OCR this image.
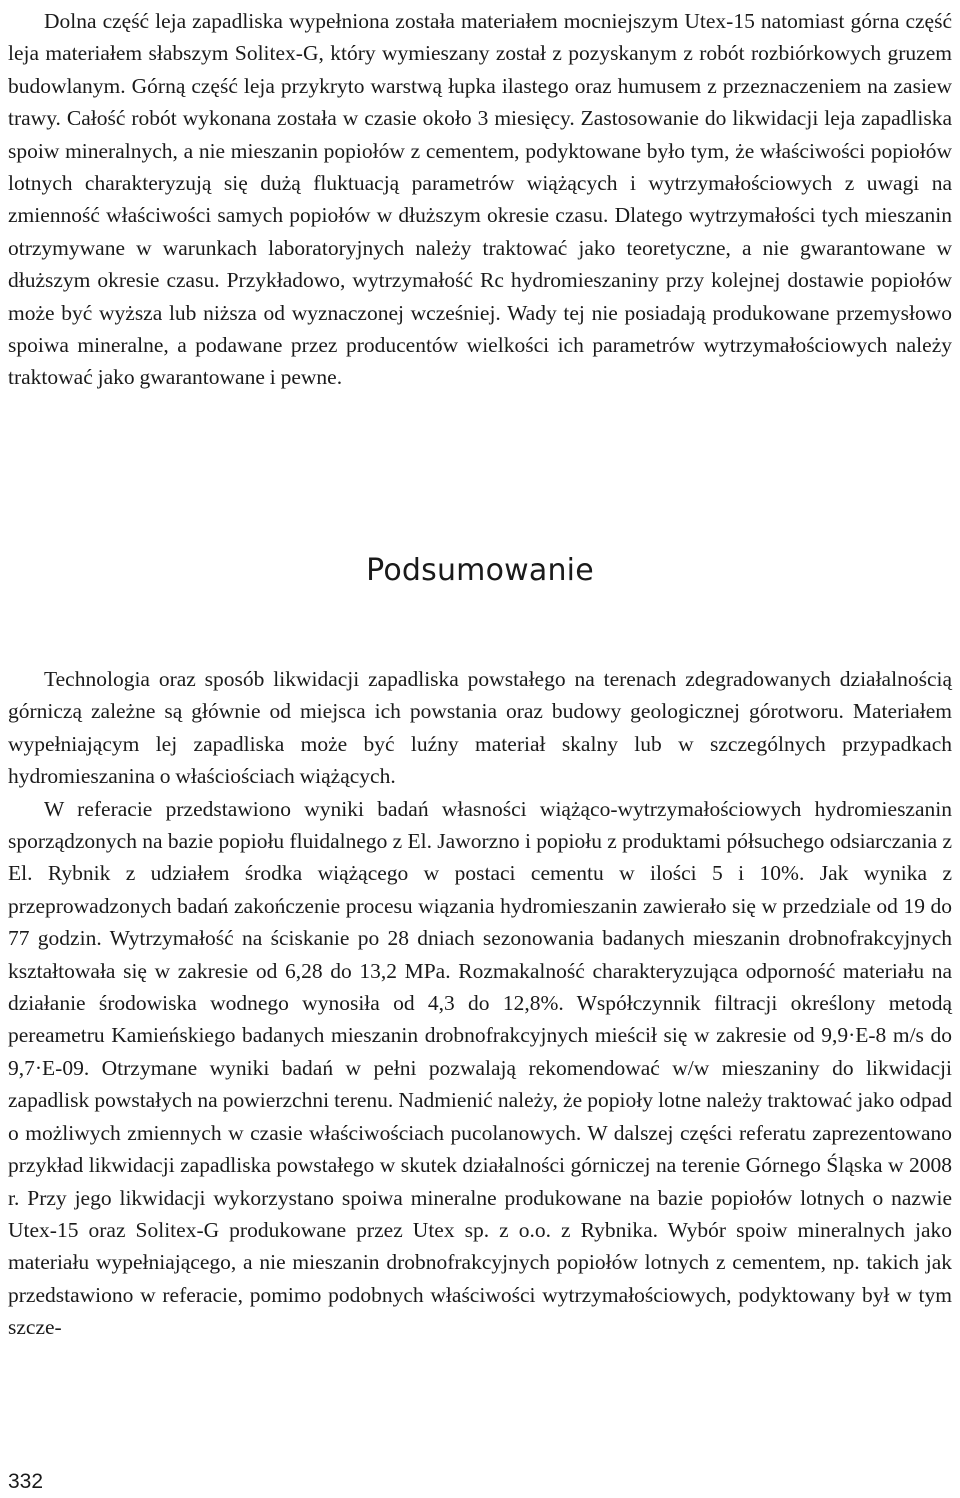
Dolna część leja zapadliska wypełniona została materiałem mocniejszym Utex-15 natomiast górna część leja materiałem słabszym Solitex-G, który wymieszany został z pozyskanym z robót rozbiórkowych gruzem budowlanym. Górną część leja przykryto warstwą łupka ilastego oraz humusem z przeznaczeniem na zasiew trawy. Całość robót wykonana została w czasie około 3 miesięcy. Zastosowanie do likwidacji leja zapadliska spoiw mineralnych, a nie mieszanin popiołów z cementem, podyktowane było tym, że właściwości popiołów lotnych charakteryzują się dużą fluktuacją parametrów wiążących i wytrzymałościowych z uwagi na zmienność właściwości samych popiołów w dłuższym okresie czasu. Dlatego wytrzymałości tych mieszanin otrzymywane w warunkach laboratoryjnych należy traktować jako teoretyczne, a nie gwarantowane w dłuższym okresie czasu. Przykładowo, wytrzymałość Rc hydromieszaniny przy kolejnej dostawie popiołów może być wyższa lub niższa od wyznaczonej wcześniej. Wady tej nie posiadają produkowane przemysłowo spoiwa mineralne, a podawane przez producentów wielkości ich parametrów wytrzymałościowych należy traktować jako gwarantowane i pewne.

Podsumowanie

Technologia oraz sposób likwidacji zapadliska powstałego na terenach zdegradowanych działalnością górniczą zależne są głównie od miejsca ich powstania oraz budowy geologicznej górotworu. Materiałem wypełniającym lej zapadliska może być luźny materiał skalny lub w szczególnych przypadkach hydromieszanina o właściościach wiążących.

W referacie przedstawiono wyniki badań własności wiążąco-wytrzymałościowych hydromieszanin sporządzonych na bazie popiołu fluidalnego z El. Jaworzno i popiołu z produktami półsuchego odsiarczania z El. Rybnik z udziałem środka wiążącego w postaci cementu w ilości 5 i 10%. Jak wynika z przeprowadzonych badań zakończenie procesu wiązania hydromieszanin zawierało się w przedziale od 19 do 77 godzin. Wytrzymałość na ściskanie po 28 dniach sezonowania badanych mieszanin drobnofrakcyjnych kształtowała się w zakresie od 6,28 do 13,2 MPa. Rozmakalność charakteryzująca odporność materiału na działanie środowiska wodnego wynosiła od 4,3 do 12,8%. Współczynnik filtracji określony metodą pereametru Kamieńskiego badanych mieszanin drobnofrakcyjnych mieścił się w zakresie od 9,9·E-8 m/s do 9,7·E-09. Otrzymane wyniki badań w pełni pozwalają rekomendować w/w mieszaniny do likwidacji zapadlisk powstałych na powierzchni terenu. Nadmienić należy, że popioły lotne należy traktować jako odpad o możliwych zmiennych w czasie właściwościach pucolanowych. W dalszej części referatu zaprezentowano przykład likwidacji zapadliska powstałego w skutek działalności górniczej na terenie Górnego Śląska w 2008 r. Przy jego likwidacji wykorzystano spoiwa mineralne produkowane na bazie popiołów lotnych o nazwie Utex-15 oraz Solitex-G produkowane przez Utex sp. z o.o. z Rybnika. Wybór spoiw mineralnych jako materiału wypełniającego, a nie mieszanin drobnofrakcyjnych popiołów lotnych z cementem, np. takich jak przedstawiono w referacie, pomimo podobnych właściwości wytrzymałościowych, podyktowany był w tym szcze-

332
